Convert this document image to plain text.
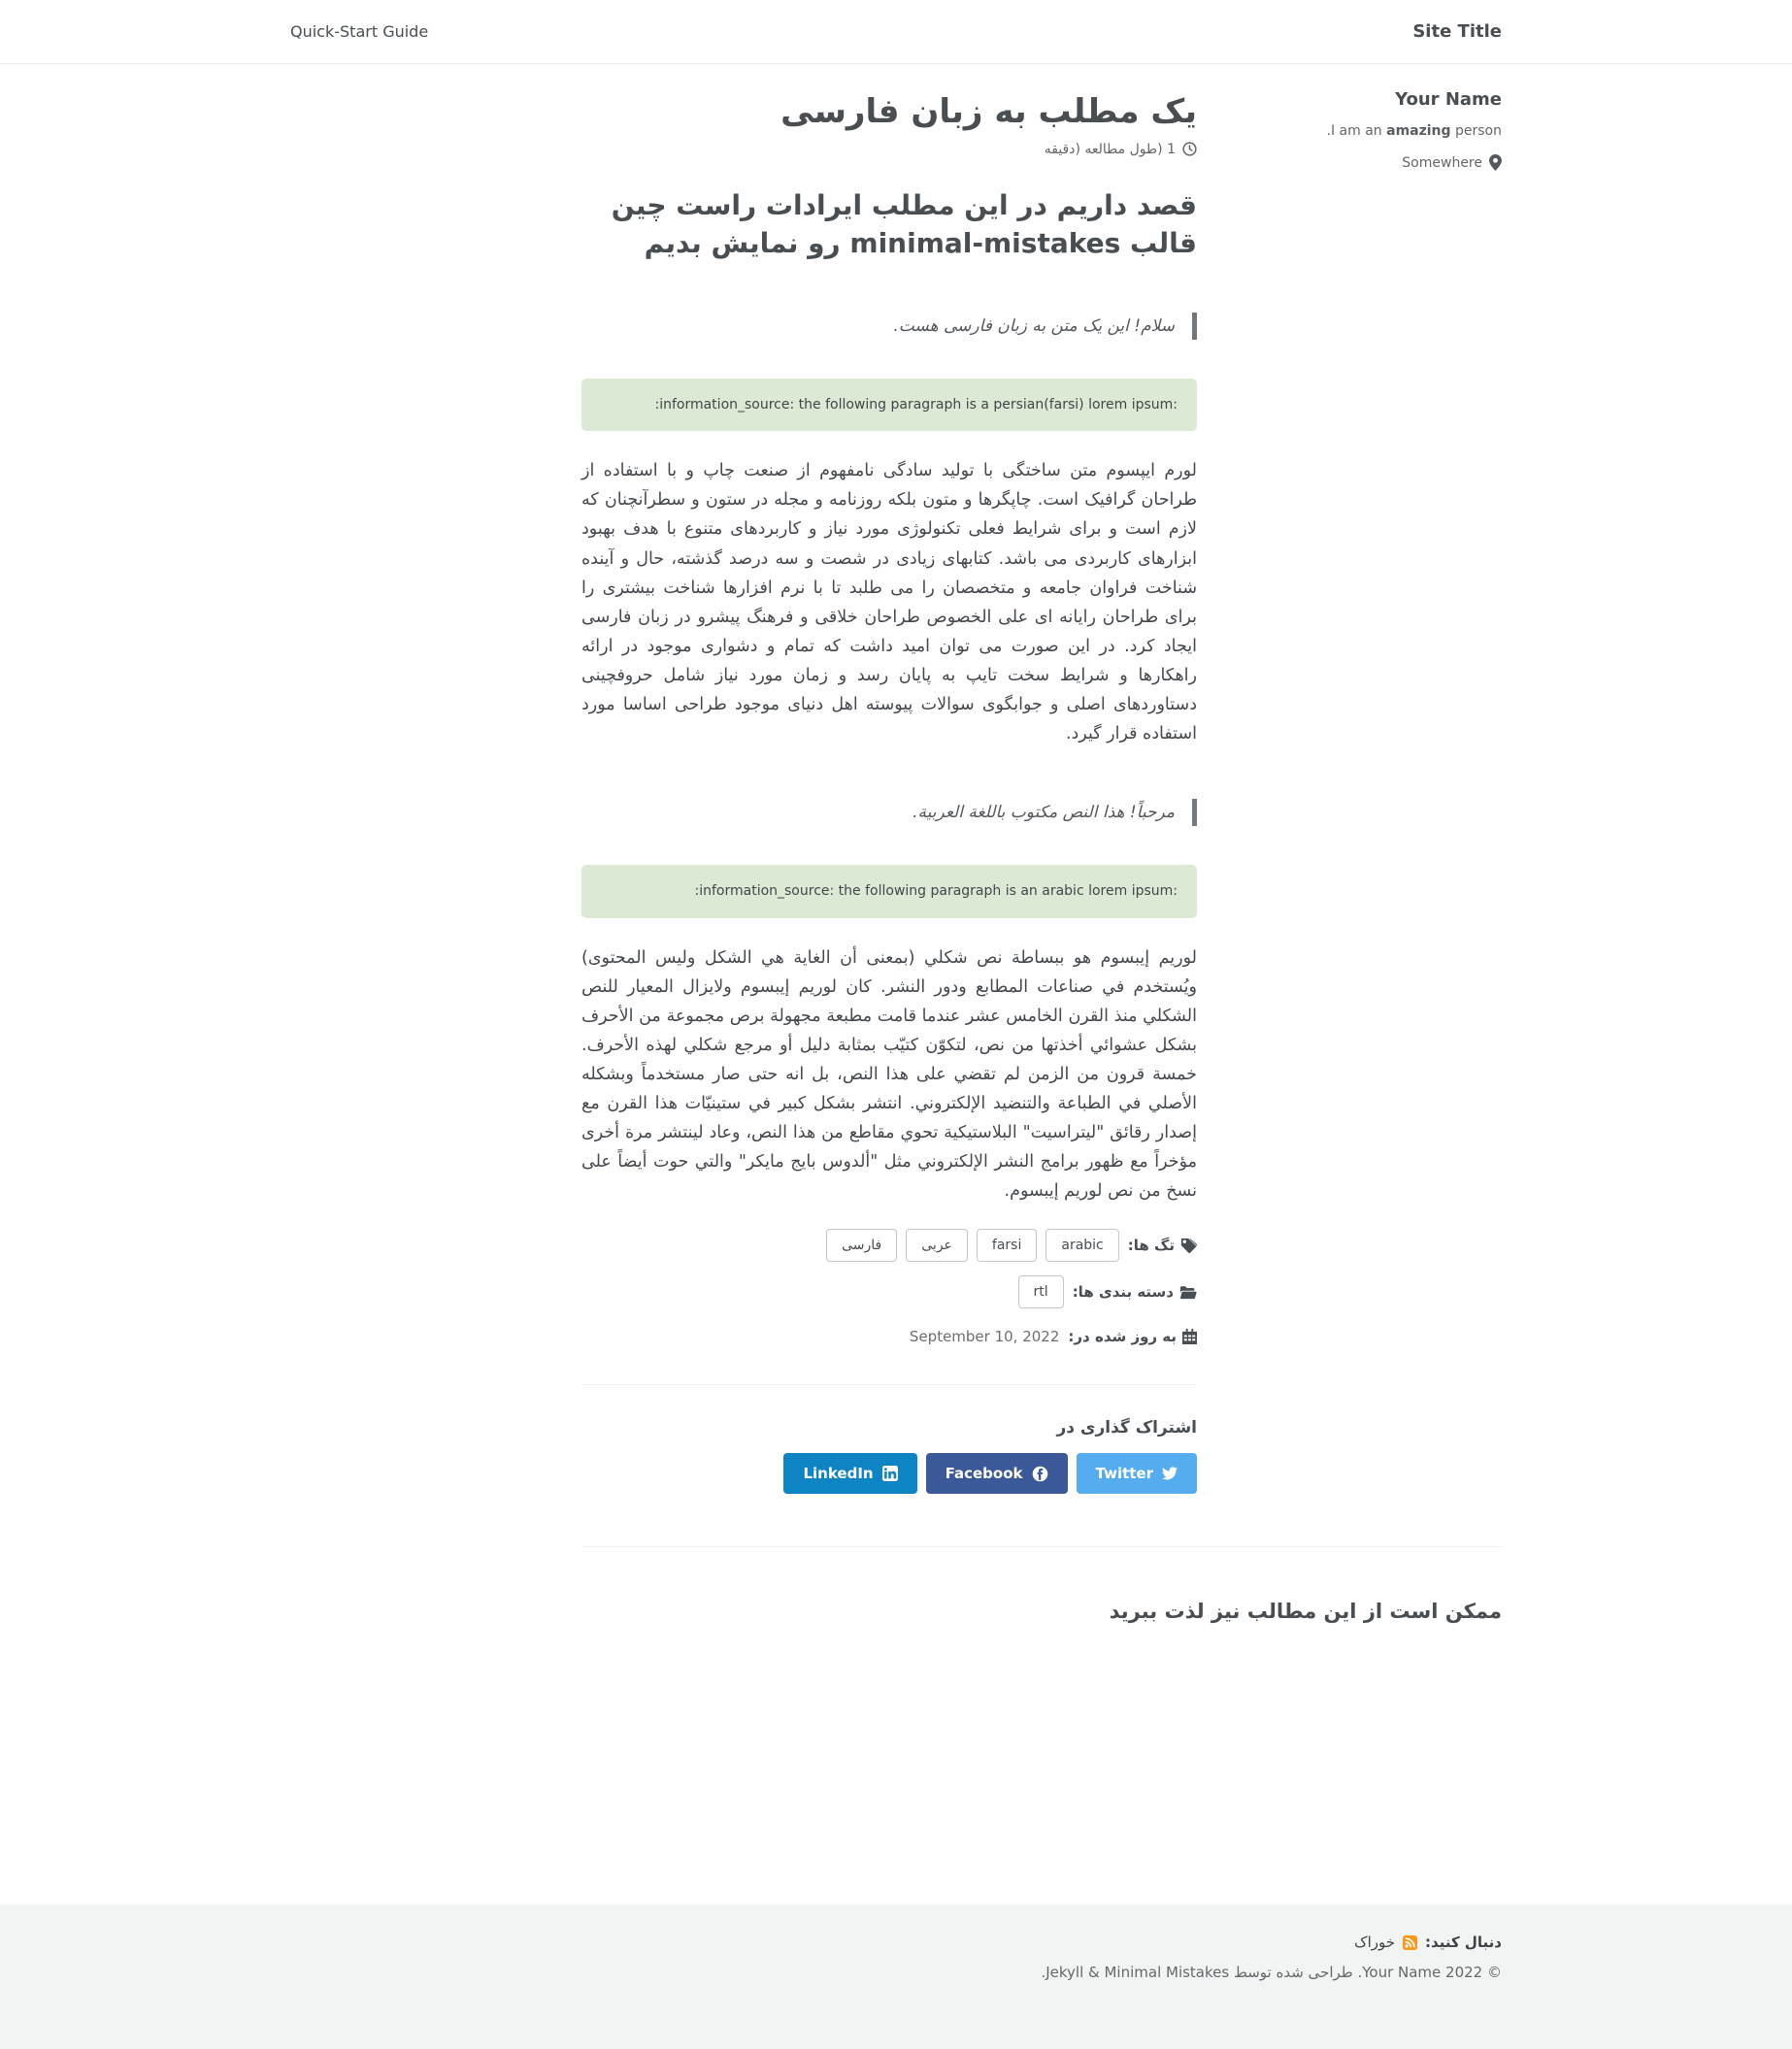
Site Title
Quick-Start Guide
Your Name
I am an amazing person.
Somewhere
یک مطلب به زبان فارسی
1 (طول مطالعه (دقیقه
قصد داریم در این مطلب ایرادات راست چین قالب minimal-mistakes رو نمایش بدیم
سلام! این یک متن به زبان فارسی هست.
:information_source: the following paragraph is a persian(farsi) lorem ipsum:

لورم ایپسوم متن ساختگی با تولید سادگی نامفهوم از صنعت چاپ و با استفاده از طراحان گرافیک است. چاپگرها و متون بلکه روزنامه و مجله در ستون و سطرآنچنان که لازم است و برای شرایط فعلی تکنولوژی مورد نیاز و کاربردهای متنوع با هدف بهبود ابزارهای کاربردی می باشد. کتابهای زیادی در شصت و سه درصد گذشته، حال و آینده شناخت فراوان جامعه و متخصصان را می طلبد تا با نرم افزارها شناخت بیشتری را برای طراحان رایانه ای علی الخصوص طراحان خلاقی و فرهنگ پیشرو در زبان فارسی ایجاد کرد. در این صورت می توان امید داشت که تمام و دشواری موجود در ارائه راهکارها و شرایط سخت تایپ به پایان رسد و زمان مورد نیاز شامل حروفچینی دستاوردهای اصلی و جوابگوی سوالات پیوسته اهل دنیای موجود طراحی اساسا مورد استفاده قرار گیرد.

مرحباً! هذا النص مكتوب باللغة العربية.
:information_source: the following paragraph is an arabic lorem ipsum:

لوريم إيبسوم هو ببساطة نص شكلي (بمعنى أن الغاية هي الشكل وليس المحتوى) ويُستخدم في صناعات المطابع ودور النشر. كان لوريم إيبسوم ولايزال المعيار للنص الشكلي منذ القرن الخامس عشر عندما قامت مطبعة مجهولة برص مجموعة من الأحرف بشكل عشوائي أخذتها من نص، لتكوّن كتيّب بمثابة دليل أو مرجع شكلي لهذه الأحرف. خمسة قرون من الزمن لم تقضي على هذا النص، بل انه حتى صار مستخدماً وبشكله الأصلي في الطباعة والتنضيد الإلكتروني. انتشر بشكل كبير في ستينيّات هذا القرن مع إصدار رقائق "ليتراسيت" البلاستيكية تحوي مقاطع من هذا النص، وعاد لينتشر مرة أخرى مؤخراً مع ظهور برامج النشر الإلكتروني مثل "ألدوس بايج مايكر" والتي حوت أيضاً على نسخ من نص لوريم إيبسوم.

تگ ها:
arabic
farsi
عربی
فارسی
دسته بندی ها:
rtl
به روز شده در:
September 10, 2022
اشتراک گذاری در
Twitter
Facebook
LinkedIn
ممکن است از این مطالب نیز لذت ببرید
دنبال کنید:
خوراک
© Your Name 2022. طراحی شده توسط Jekyll & Minimal Mistakes.
